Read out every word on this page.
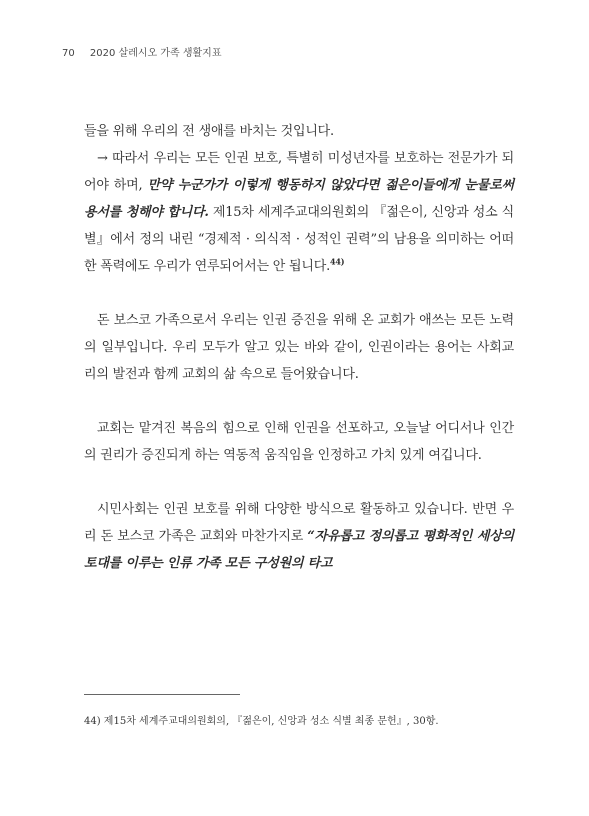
70 2020 살레시오 가족 생활지표

들을 위해 우리의 전 생애를 바치는 것입니다.

→ 따라서 우리는 모든 인권 보호, 특별히 미성년자를 보호하는 전문가가 되어야 하며, 만약 누군가가 이렇게 행동하지 않았다면 젊은이들에게 눈물로써 용서를 청해야 합니다. 제15차 세계주교대의원회의 『젊은이, 신앙과 성소 식별』에서 정의 내린 “경제적 · 의식적 · 성적인 권력”의 남용을 의미하는 어떠한 폭력에도 우리가 연루되어서는 안 됩니다.$^{44)}$

돈 보스코 가족으로서 우리는 인권 증진을 위해 온 교회가 애쓰는 모든 노력의 일부입니다. 우리 모두가 알고 있는 바와 같이, 인권이라는 용어는 사회교리의 발전과 함께 교회의 삶 속으로 들어왔습니다.

교회는 맡겨진 복음의 힘으로 인해 인권을 선포하고, 오늘날 어디서나 인간의 권리가 증진되게 하는 역동적 움직임을 인정하고 가치 있게 여깁니다.

시민사회는 인권 보호를 위해 다양한 방식으로 활동하고 있습니다. 반면 우리 돈 보스코 가족은 교회와 마찬가지로 “자유롭고 정의롭고 평화적인 세상의 토대를 이루는 인류 가족 모든 구성원의 타고

44) 제15차 세계주교대의원회의, 『젊은이, 신앙과 성소 식별 최종 문헌』, 30항.
